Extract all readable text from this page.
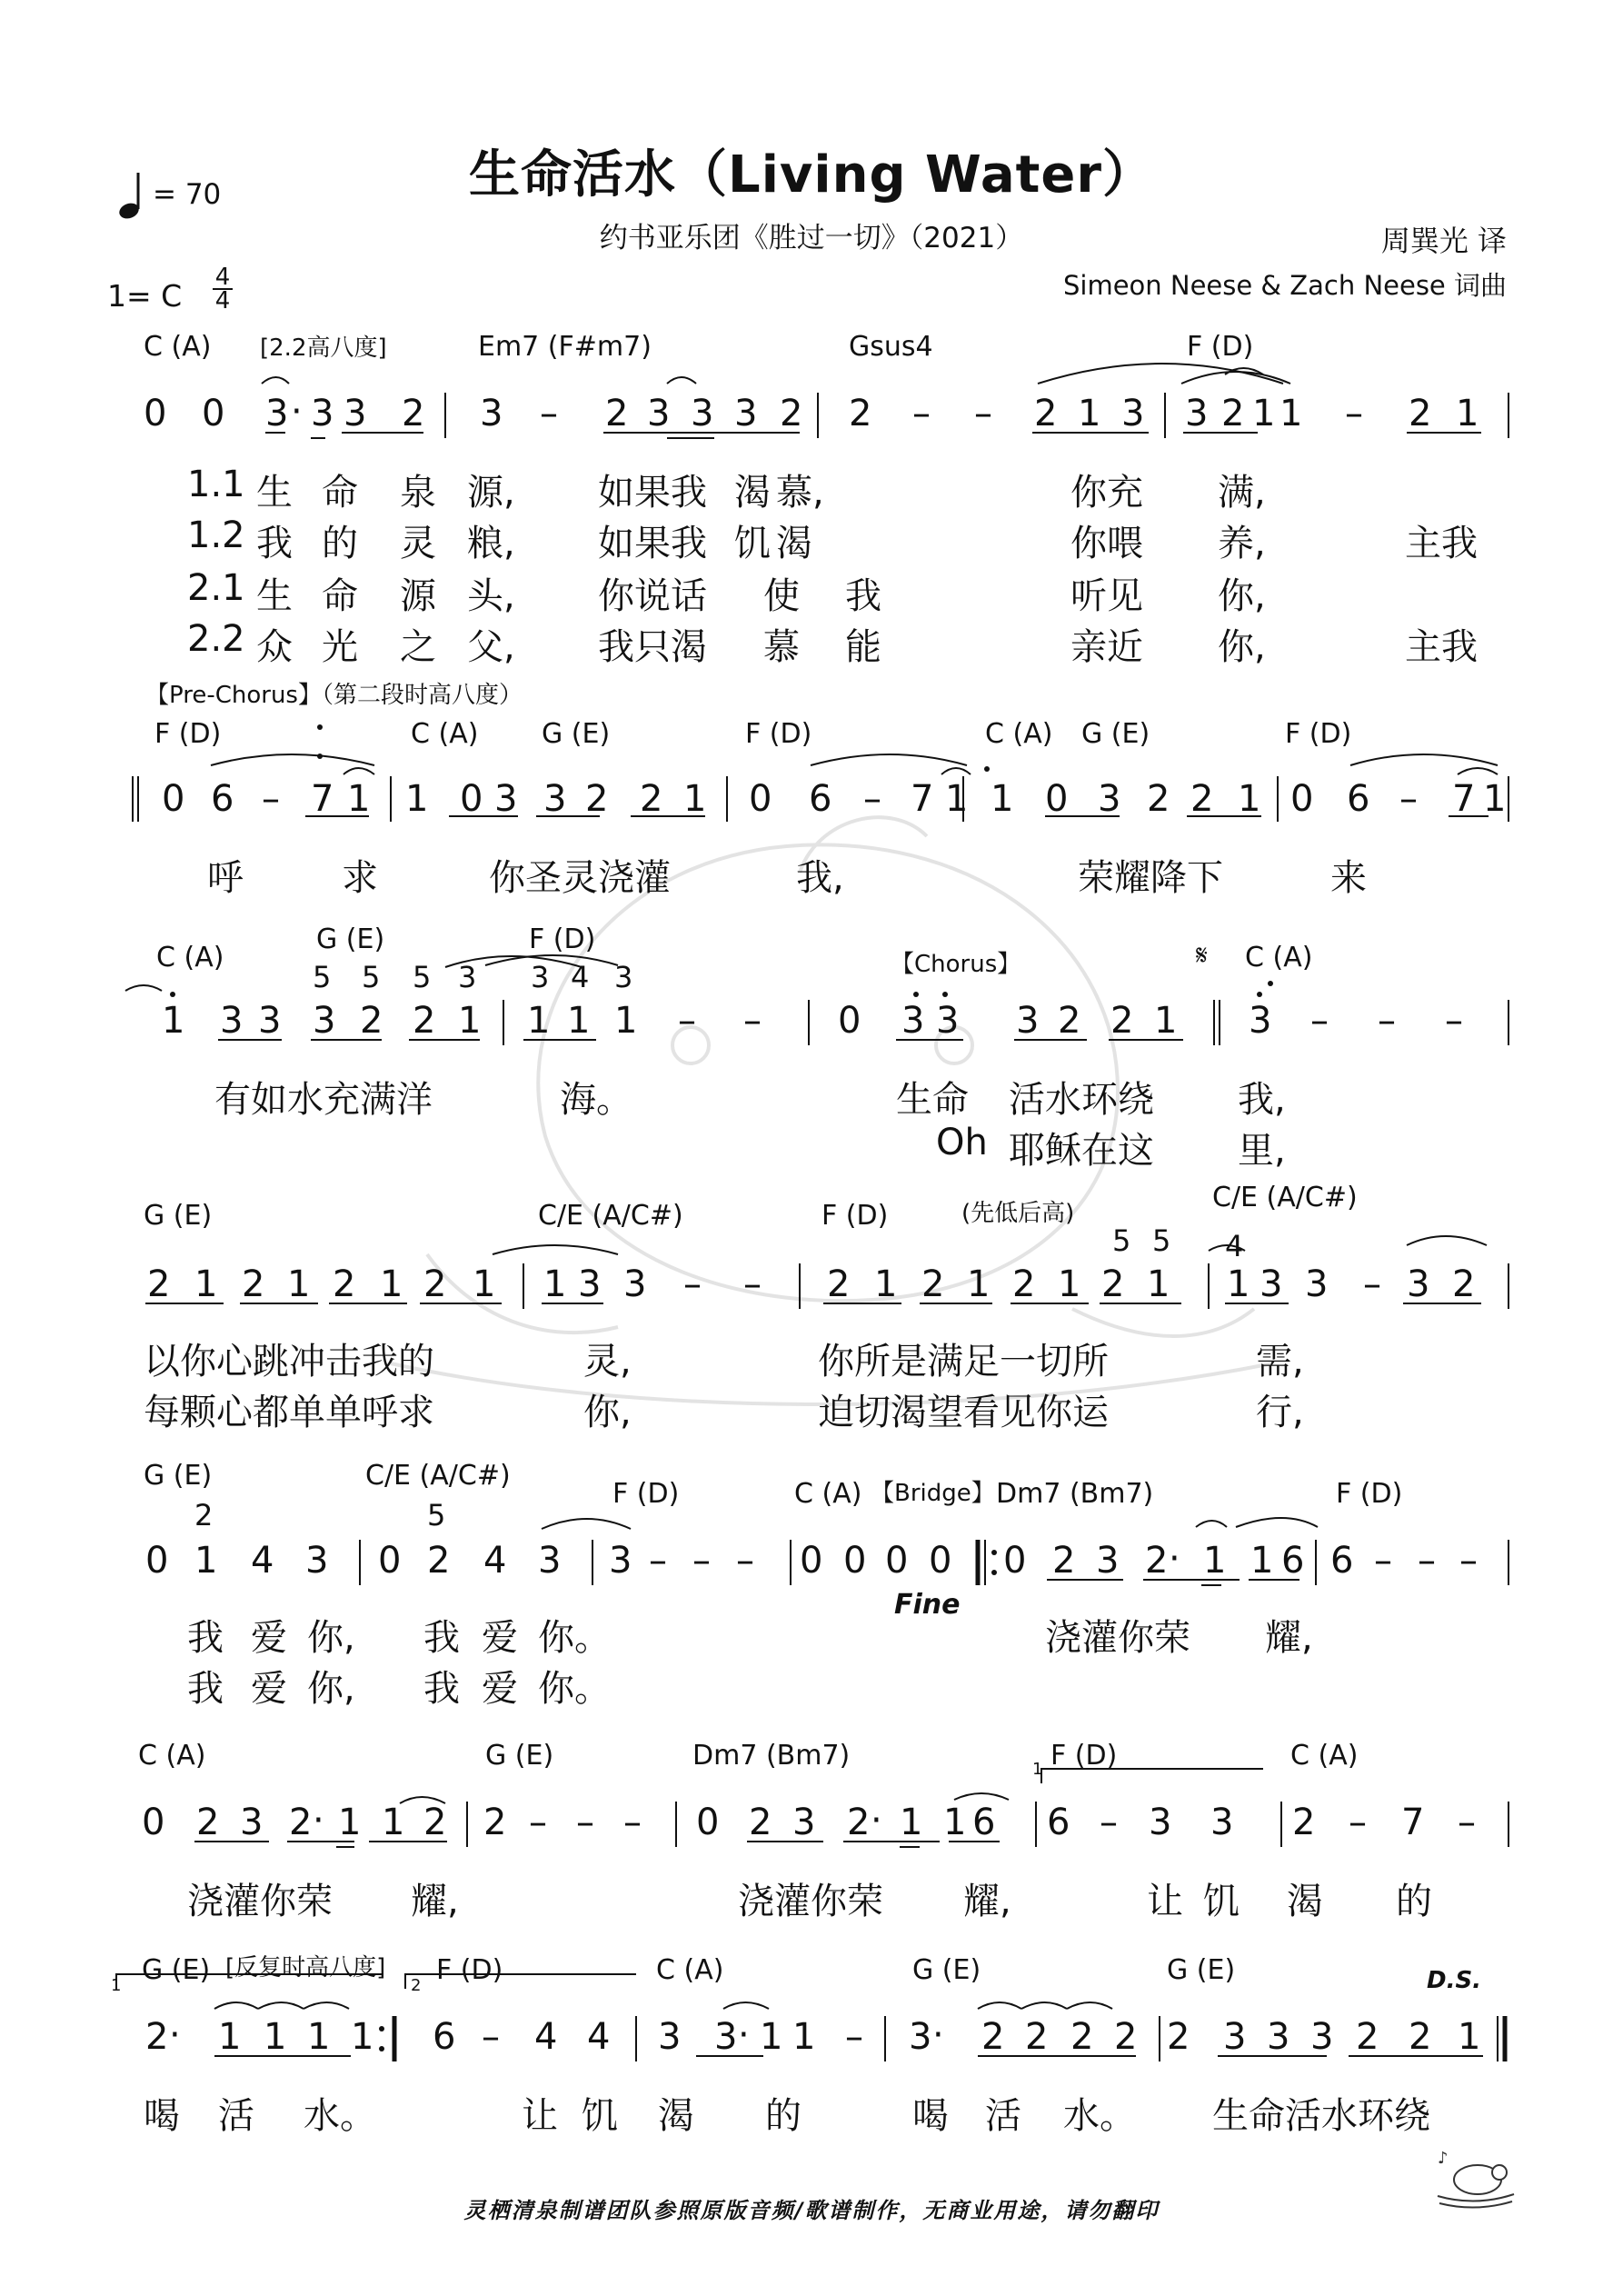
生命活水（Living Water）
约书亚乐团《胜过一切》（2021）
= 70
1= C
4
4
周巽光 译
Simeon Neese & Zach Neese 词曲
C (A) [2.2高八度]	Em7 (F#m7)	Gsus4	F (D)
0 0 3 · 3 3 2 3 – 2 3 3 3 2 2 – – 2 1 3 3 2 1 1 – 2 1
1.1 生 命 泉 源, 如果我 渴 慕,	你充 满,
1.2 我 的 灵 粮, 如果我 饥 渴	你喂 养,	主我
2.1 生 命 源 头, 你说话 使 我	听见 你,
2.2 众 光 之 父, 我只渴 慕 能	亲近 你,	主我
【Pre-Chorus】（第二段时高八度）
F (D)	C (A) G (E)	F (D)	C (A) G (E)	F (D)
0 6 – 7 1 1 0 3 3 2 2 1 0 6 – 7 1 1 0 3 2 2 1 0 6 – 7 1
呼	求	你圣灵浇灌	我,	荣耀降下	来
C (A)
G (E)	F (D)
【Chorus】	𝄋 C (A)
5 5 5 3 3 4 3
1 3 3 3 2 2 1 1 1 1 – – 0 3 3 3 2 2 1 3 – – –
有如水充满洋	海。	生命 活水环绕 我,
Oh 耶稣在这 里,
G (E)	C/E (A/C#)	F (D)	(先低后高)	C/E (A/C#)
5 5 4
2 1 2 1 2 1 2 1 1 3 3 – – 2 1 2 1 2 1 2 1 1 3 3 – 3 2
以你心跳冲击我的	灵,	你所是满足一切所	需,
每颗心都单单呼求	你,	迫切渴望看见你运	行,
G (E)	C/E (A/C#)
F (D)	C (A) 【Bridge】 Dm7 (Bm7)	F (D)
2	5
0 1 4 3 0 2 4 3 3 – – – 0 0 0 0 0 2 3 2 · 1 1 6 6 – – –
Fine
我 爱 你, 我 爱 你。	浇灌你荣 耀,
我 爱 你, 我 爱 你。
C (A)	G (E)	Dm7 (Bm7)	1 F (D)	C (A)
0 2 3 2 · 1 1 2 2 – – – 0 2 3 2 · 1 1 6 6 – 3 3 2 – 7 –
浇灌你荣 耀,	浇灌你荣 耀,	让 饥 渴 的
1 G (E) [反复时高八度]
2 F (D)	C (A)	G (E)	G (E)	D.S.
2 · 1 1 1 1 6 – 4 4 3 3 · 1 1 – 3 · 2 2 2 2 2 3 3 3 2 2 1
喝 活 水。	让 饥 渴 的	喝 活 水。 生命活水环绕
灵栖清泉制谱团队参照原版音频/歌谱制作，无商业用途，请勿翻印
♪
